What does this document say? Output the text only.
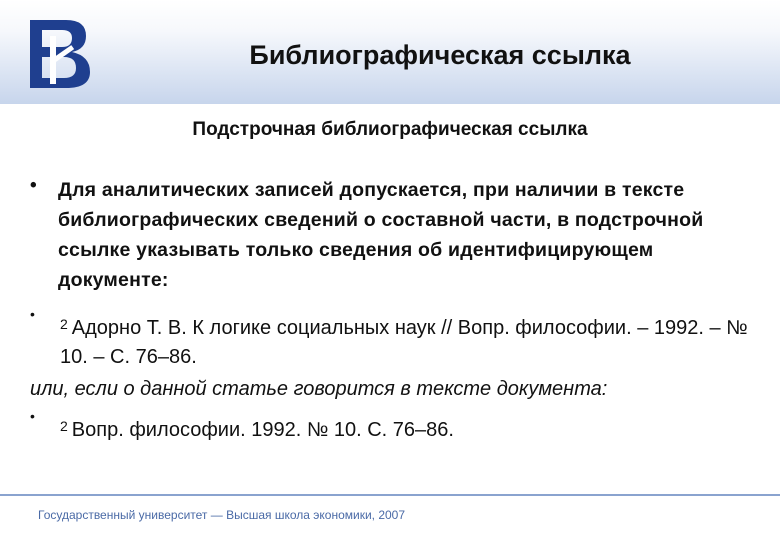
Библиографическая ссылка
Подстрочная библиографическая ссылка
• Для аналитических записей допускается, при наличии в тексте библиографических сведений о составной части, в подстрочной ссылке указывать только сведения об идентифицирующем документе:
•
$^2$ Адорно Т. В. К логике социальных наук // Вопр. философии. – 1992. – № 10. – С. 76–86.
или, если о данной статье говорится в тексте документа:
•
$^2$ Вопр. философии. 1992. № 10. С. 76–86.
Государственный университет — Высшая школа экономики, 2007
